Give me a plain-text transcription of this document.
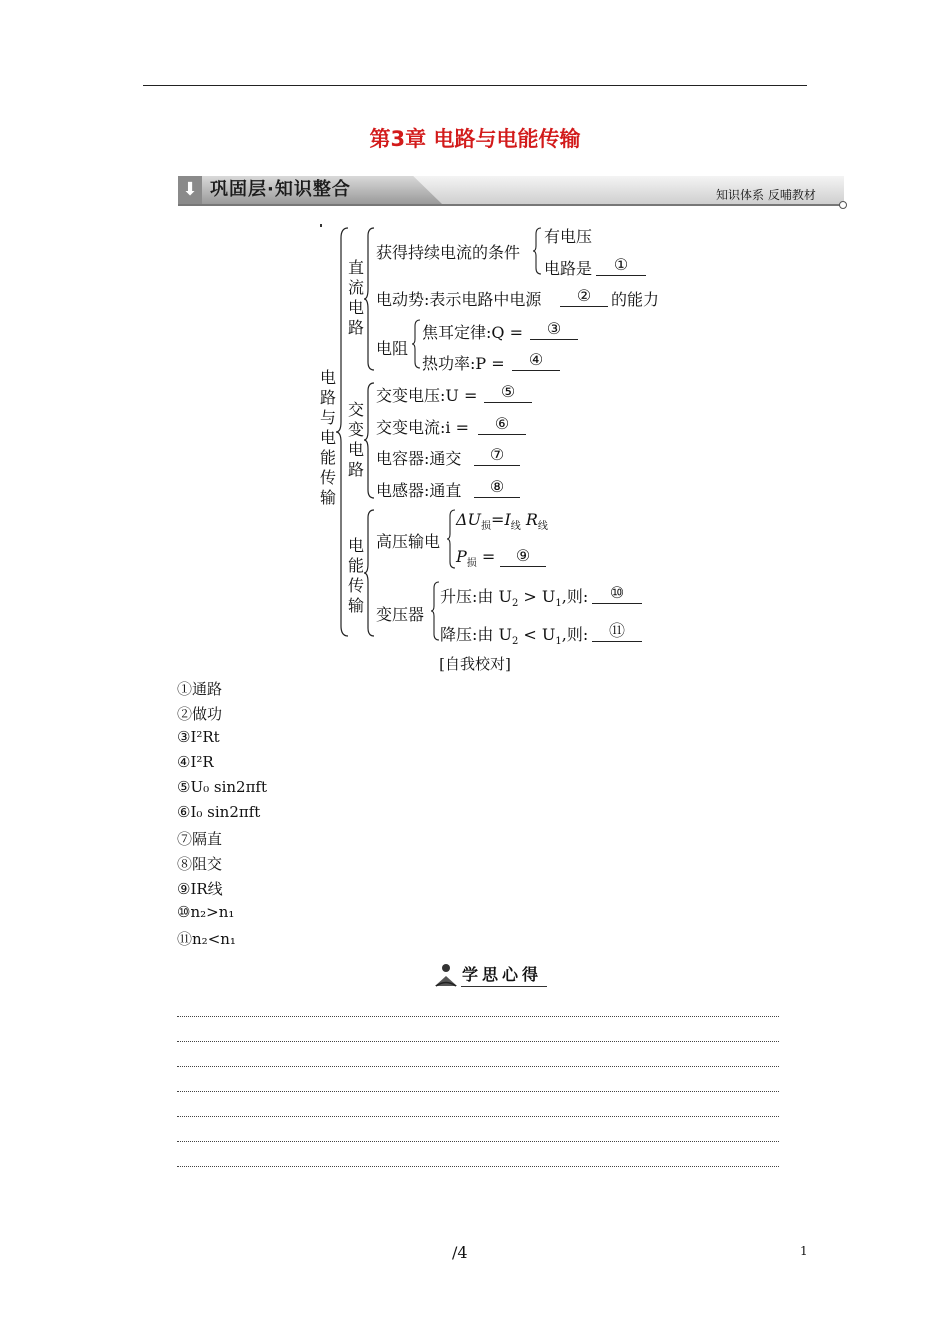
第3章 电路与电能传输
⬇ 巩固层·知识整合	知识体系 反哺教材
电路与电能传输
直流电路
交变电路
电能传输
获得持续电流的条件
有电压
电路是	①
电动势:表示电路中电源	②	的能力
电阻
焦耳定律:Q =	③
热功率:P =	④
交变电压:U =	⑤
交变电流:i =	⑥
电容器:通交	⑦
电感器:通直	⑧
高压输电
$\Delta U_损=I_线$ $R_线$
$P_损$ =	⑨
变压器
升压:由 $U_2 > U_1$,则:	⑩
降压:由 $U_2 < U_1$,则:	⑪
[自我校对]
①通路
②做功
③I²Rt
④I²R
⑤U₀ sin2πft
⑥I₀ sin2πft
⑦隔直
⑧阻交
⑨IR线
⑩n₂>n₁
⑪n₂<n₁
学思心得
/4	1
